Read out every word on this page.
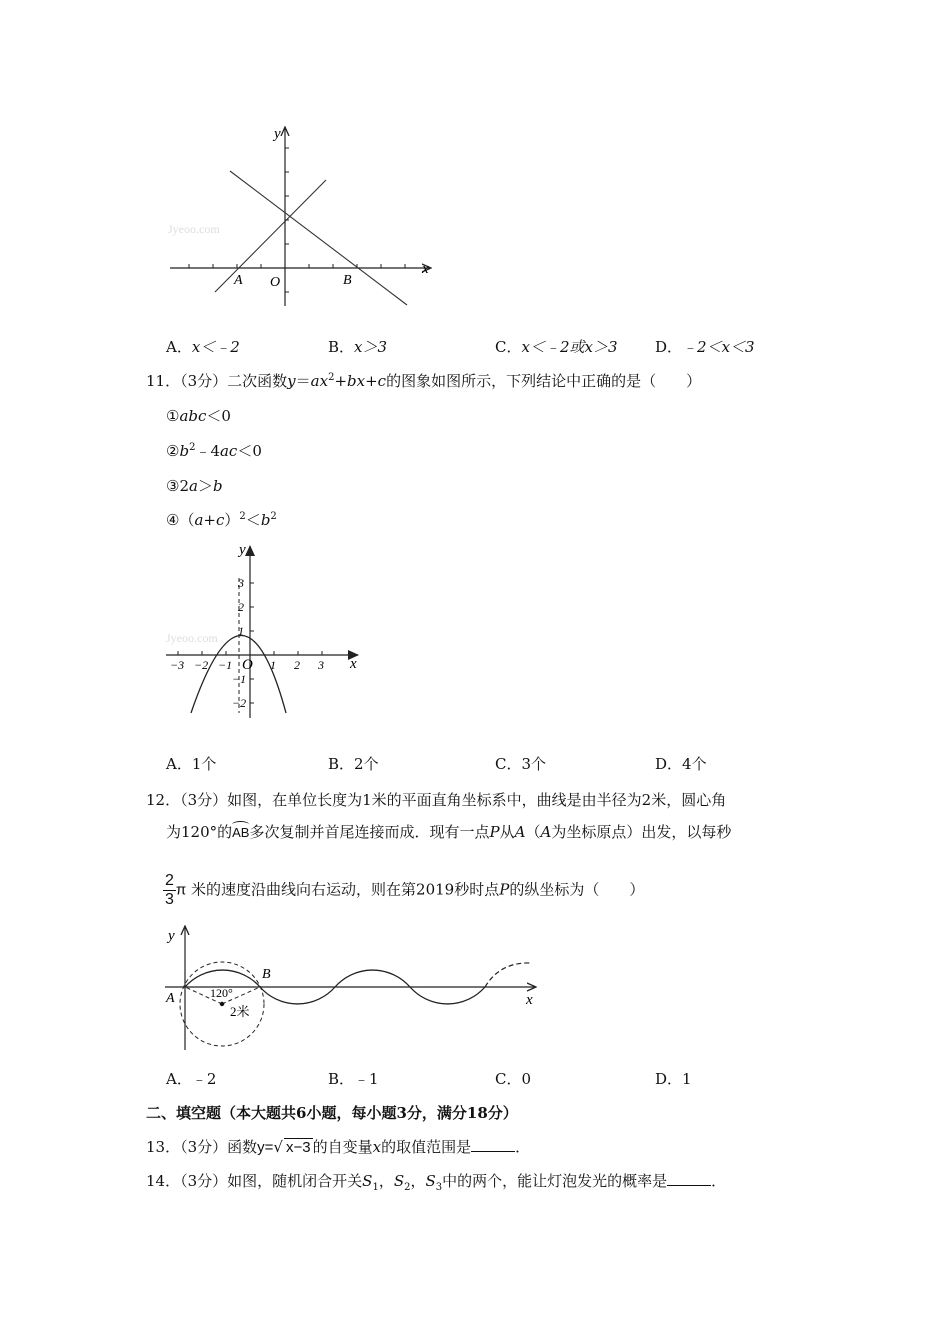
Jyeoo.com
y
x
A O	B
A．x＜﹣2	B．x＞3	C．x＜﹣2或x＞3	D．﹣2＜x＜3
11．（3分）二次函数$y=ax^2+bx+c$的图象如图所示，下列结论中正确的是（　　）
①abc＜0
$②b^2﹣4ac<0$
③2a＞b
$④(a+c)^2<b^2$
Jyeoo.com
y
x
O
−3 −2 −1	1 2 3
3
2
1
−1
−2
A．1个	B．2个	C．3个	D．4个
12．（3分）如图，在单位长度为1米的平面直角坐标系中，曲线是由半径为2米，圆心角
为120°的AB多次复制并首尾连接而成．现有一点P从A（A为坐标原点）出发，以每秒
$\frac{2}{3}$ π 米的速度沿曲线向右运动，则在第2019秒时点P的纵坐标为（　　）
y
x
A
B
120°
2米
A．﹣2	B．﹣1	C．0	D．1
二、填空题（本大题共6小题，每小题3分，满分18分）
13．（3分）函数y=√ x−3 的自变量x的取值范围是	．
14．（3分）如图，随机闭合开关$S_1$，$S_2$，$S_3$中的两个，能让灯泡发光的概率是	．
